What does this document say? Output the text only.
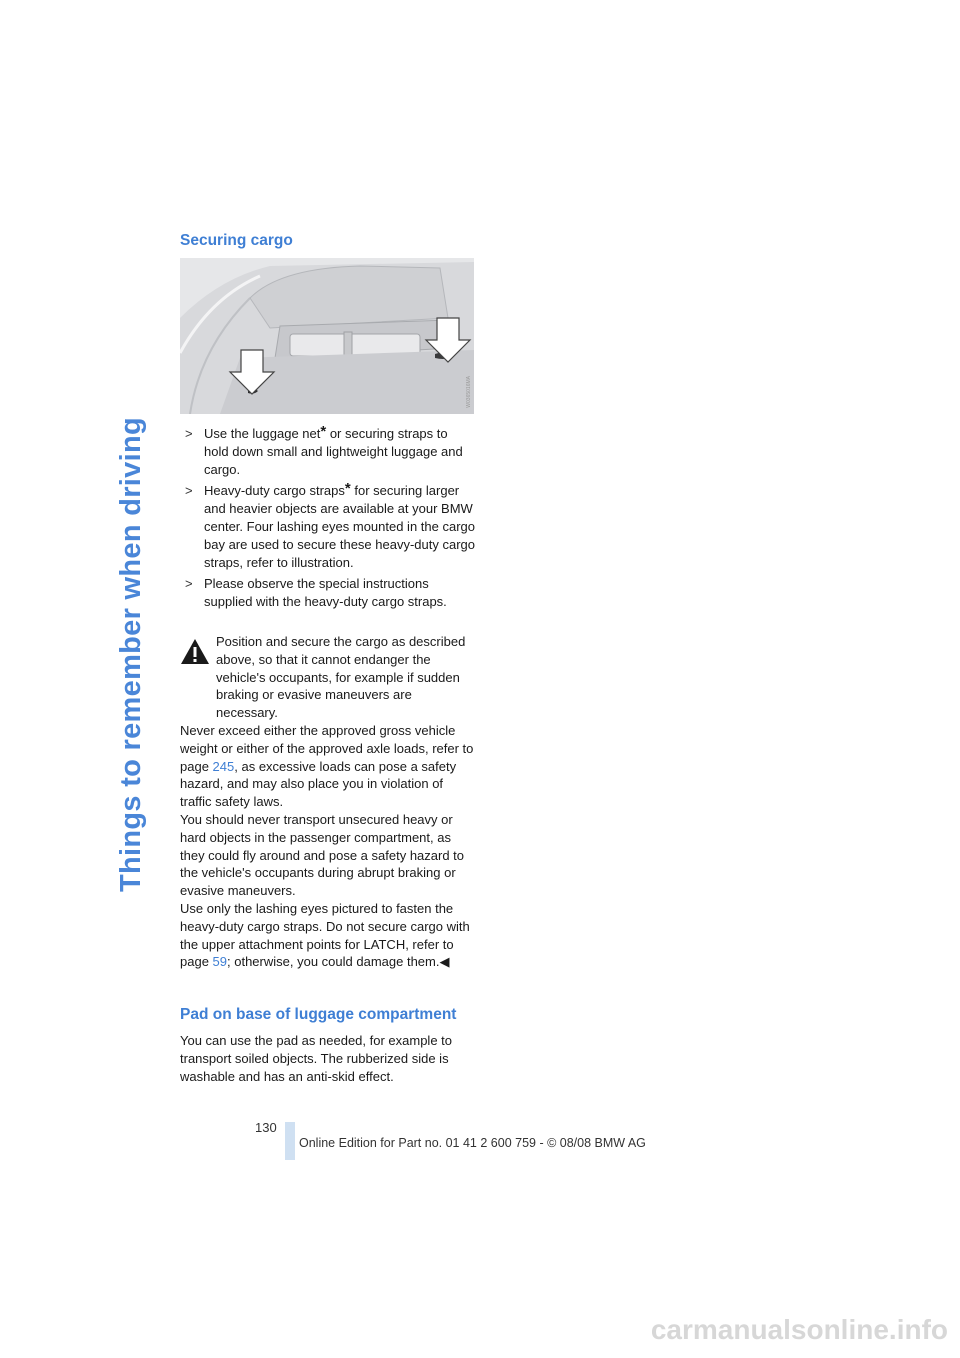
Things to remember when driving
Securing cargo
W0365016MA
> Use the luggage net* or securing straps to hold down small and lightweight luggage and cargo.
> Heavy-duty cargo straps* for securing larger and heavier objects are available at your BMW center. Four lashing eyes mounted in the cargo bay are used to secure these heavy-duty cargo straps, refer to illustration.
> Please observe the special instructions supplied with the heavy-duty cargo straps.

Position and secure the cargo as described above, so that it cannot endanger the vehicle's occupants, for example if sudden braking or evasive maneuvers are necessary.

Never exceed either the approved gross vehicle weight or either of the approved axle loads, refer to page 245, as excessive loads can pose a safety hazard, and may also place you in violation of traffic safety laws.

You should never transport unsecured heavy or hard objects in the passenger compartment, as they could fly around and pose a safety hazard to the vehicle's occupants during abrupt braking or evasive maneuvers.

Use only the lashing eyes pictured to fasten the heavy-duty cargo straps. Do not secure cargo with the upper attachment points for LATCH, refer to page 59; otherwise, you could damage them.◀

Pad on base of luggage compartment

You can use the pad as needed, for example to transport soiled objects. The rubberized side is washable and has an anti-skid effect.

130
Online Edition for Part no. 01 41 2 600 759 - © 08/08 BMW AG
carmanualsonline.info
